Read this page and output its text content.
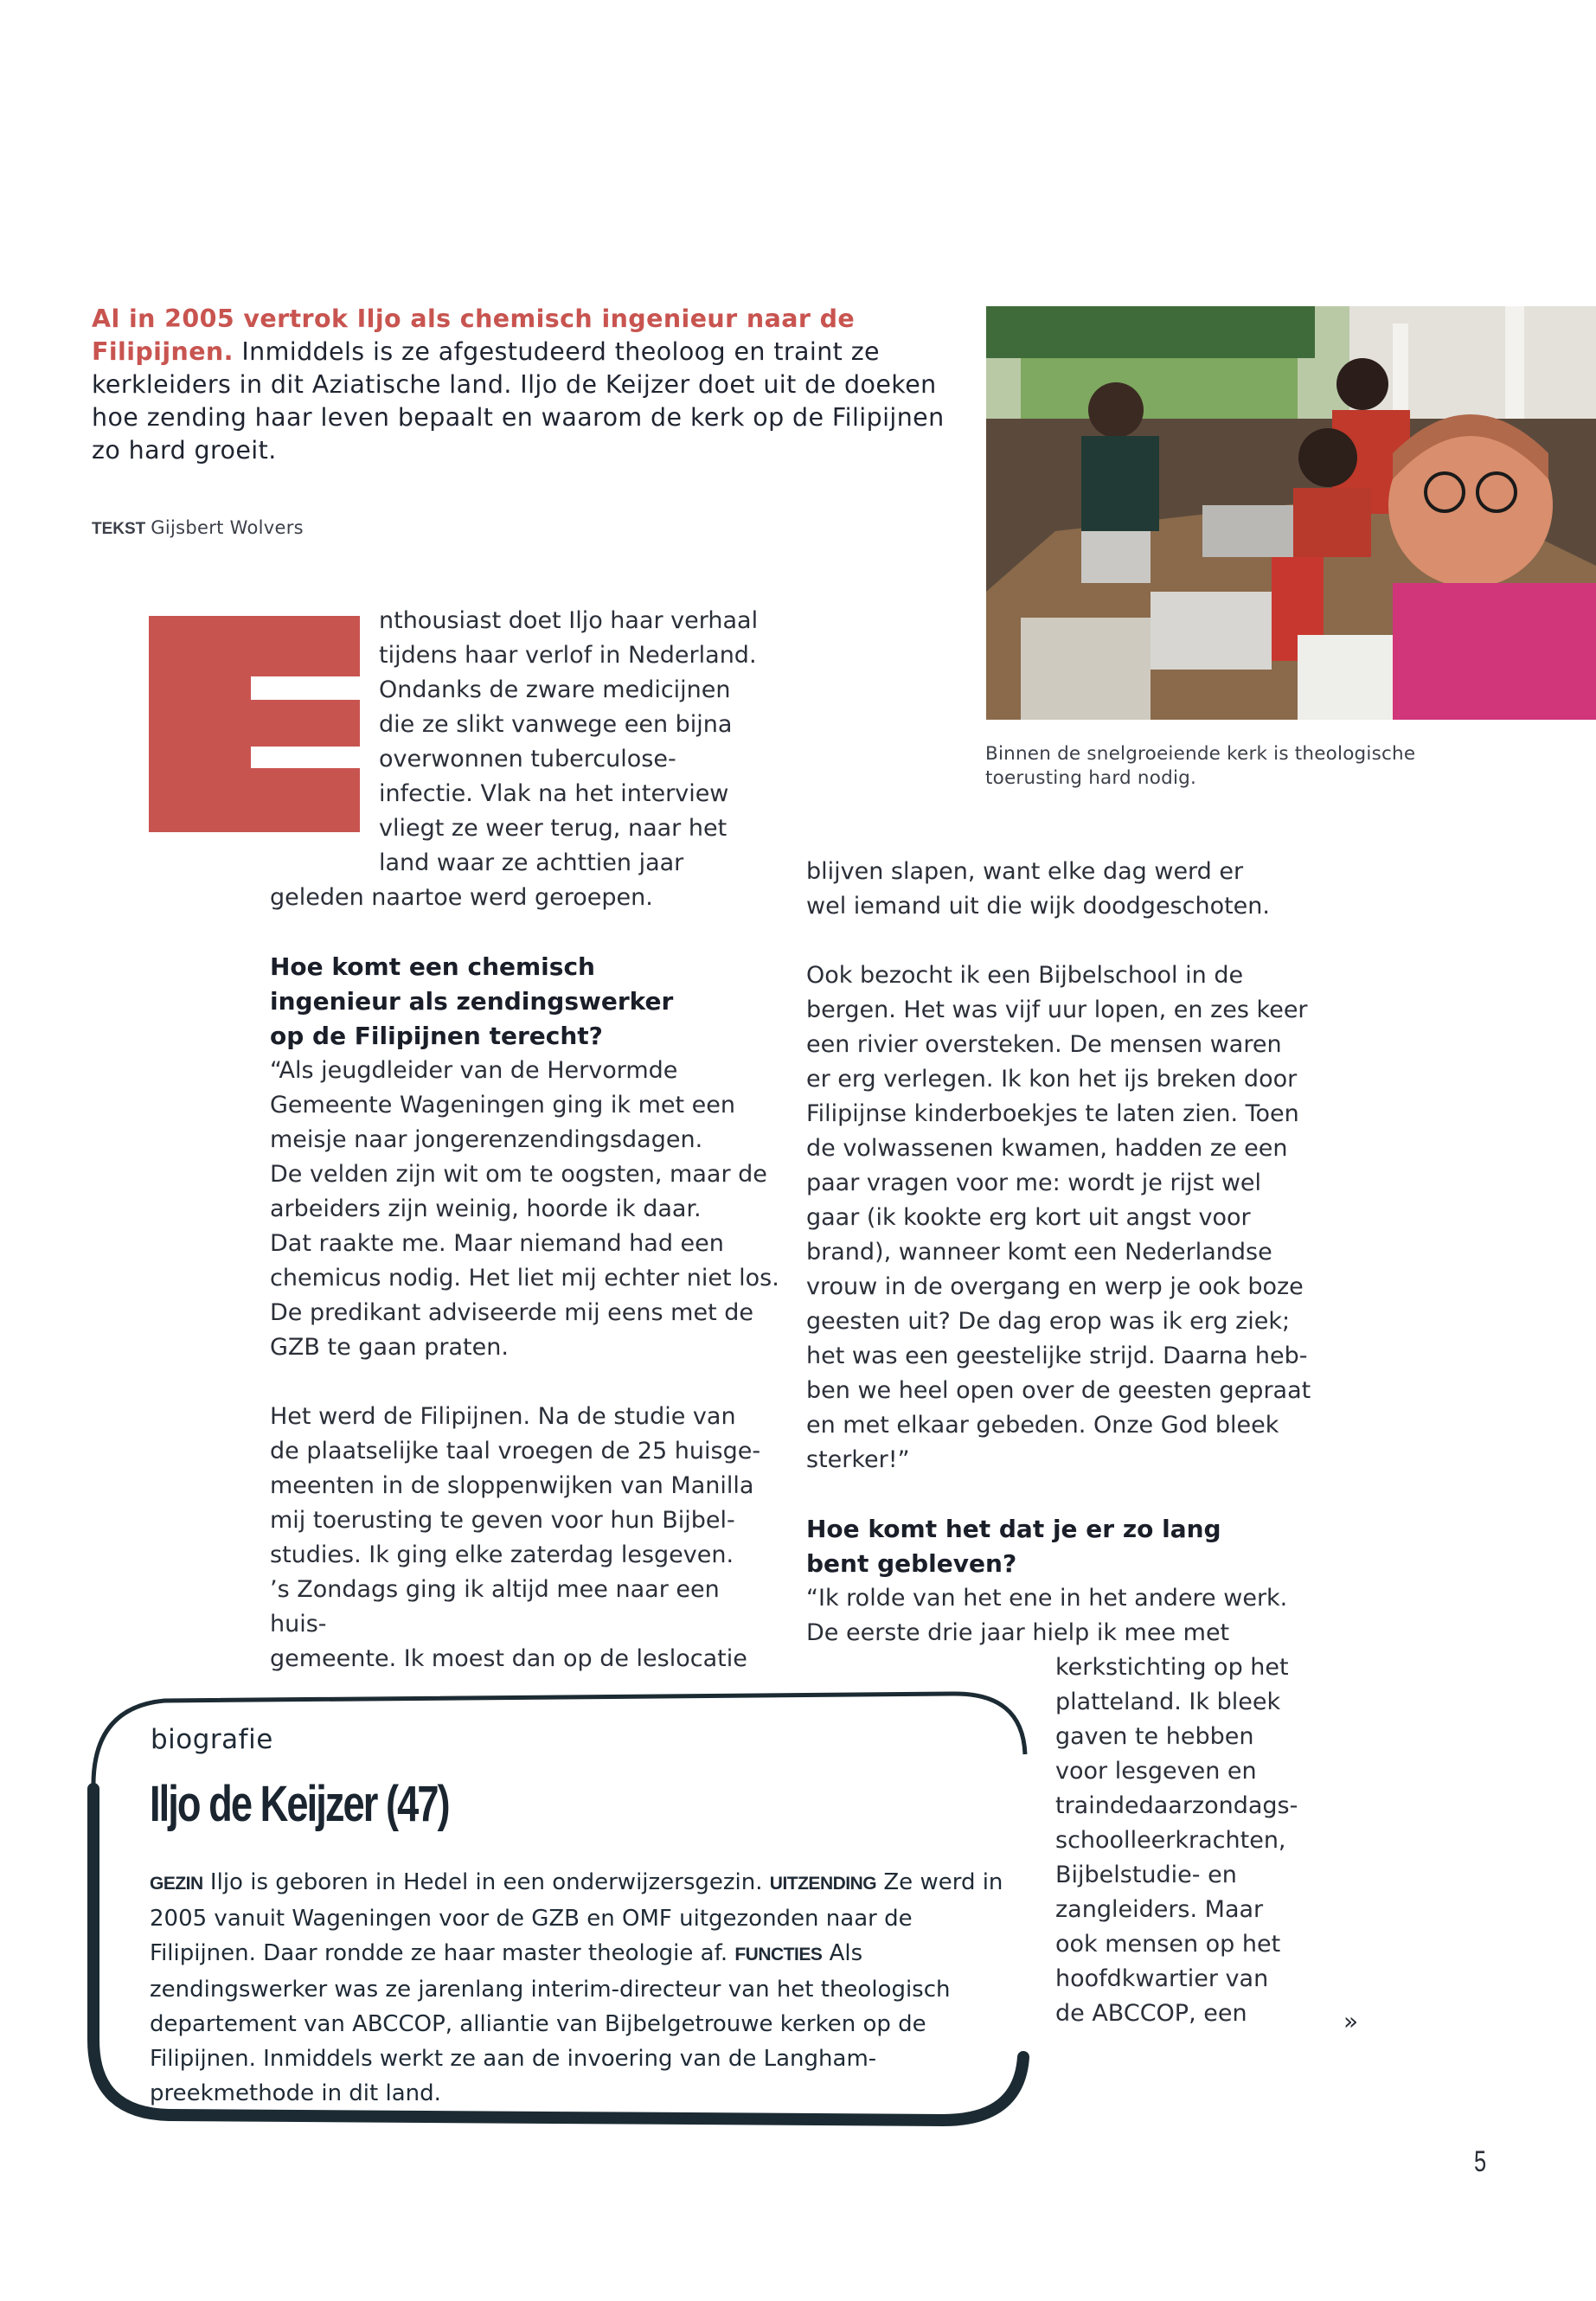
Al in 2005 vertrok Iljo als chemisch ingenieur naar de Filipijnen. Inmiddels is ze afgestudeerd theoloog en traint ze kerkleiders in dit Aziatische land. Iljo de Keijzer doet uit de doeken hoe zending haar leven bepaalt en waarom de kerk op de Filipijnen zo hard groeit.
TEKST Gijsbert Wolvers
Binnen de snelgroeiende kerk is theologische toerusting hard nodig.

nthousiast doet Iljo haar verhaal

tijdens haar verlof in Nederland.

Ondanks de zware medicijnen

die ze slikt vanwege een bijna

overwonnen tuberculose-

infectie. Vlak na het interview

vliegt ze weer terug, naar het

land waar ze achttien jaar

geleden naartoe werd geroepen.

Hoe komt een chemisch

ingenieur als zendingswerker

op de Filipijnen terecht?

“Als jeugdleider van de Hervormde

Gemeente Wageningen ging ik met een

meisje naar jongerenzendingsdagen.

De velden zijn wit om te oogsten, maar de

arbeiders zijn weinig, hoorde ik daar.

Dat raakte me. Maar niemand had een

chemicus nodig. Het liet mij echter niet los.

De predikant adviseerde mij eens met de

GZB te gaan praten.

Het werd de Filipijnen. Na de studie van

de plaatselijke taal vroegen de 25 huisge-

meenten in de sloppenwijken van Manilla

mij toerusting te geven voor hun Bijbel-

studies. Ik ging elke zaterdag lesgeven.

’s Zondags ging ik altijd mee naar een huis-

gemeente. Ik moest dan op de leslocatie

blijven slapen, want elke dag werd er

wel iemand uit die wijk doodgeschoten.

Ook bezocht ik een Bijbelschool in de

bergen. Het was vijf uur lopen, en zes keer

een rivier oversteken. De mensen waren

er erg verlegen. Ik kon het ijs breken door

Filipijnse kinderboekjes te laten zien. Toen

de volwassenen kwamen, hadden ze een

paar vragen voor me: wordt je rijst wel

gaar (ik kookte erg kort uit angst voor

brand), wanneer komt een Nederlandse

vrouw in de overgang en werp je ook boze

geesten uit? De dag erop was ik erg ziek;

het was een geestelijke strijd. Daarna heb-

ben we heel open over de geesten gepraat

en met elkaar gebeden. Onze God bleek

sterker!”

Hoe komt het dat je er zo lang

bent gebleven?

“Ik rolde van het ene in het andere werk.

De eerste drie jaar hielp ik mee met

kerkstichting op het

platteland. Ik bleek

gaven te hebben

voor lesgeven en

traindedaarzondags-

schoolleerkrachten,

Bijbelstudie- en

zangleiders. Maar

ook mensen op het

hoofdkwartier van

de ABCCOP, een	»
biografie
Iljo de Keijzer (47)
GEZIN Iljo is geboren in Hedel in een onderwijzersgezin. UITZENDING Ze werd in 2005 vanuit Wageningen voor de GZB en OMF uitgezonden naar de Filipijnen. Daar rondde ze haar master theologie af. FUNCTIES Als zendingswerker was ze jarenlang interim-directeur van het theologisch departement van ABCCOP, alliantie van Bijbelgetrouwe kerken op de Filipijnen. Inmiddels werkt ze aan de invoering van de Langham-preekmethode in dit land.
5
